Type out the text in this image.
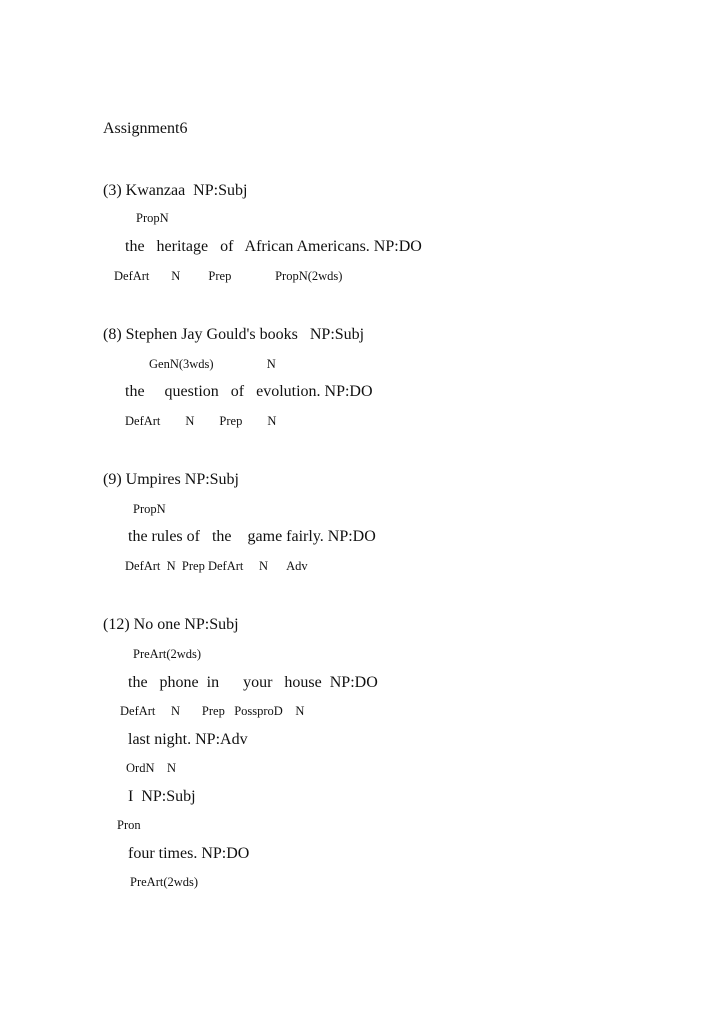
Assignment6
(3) Kwanzaa  NP:Subj
PropN
the   heritage   of   African Americans. NP:DO
DefArt       N         Prep              PropN(2wds)
(8) Stephen Jay Gould's books   NP:Subj
GenN(3wds)                 N
the     question   of   evolution. NP:DO
DefArt        N        Prep        N
(9) Umpires NP:Subj
PropN
the rules of   the    game fairly. NP:DO
DefArt  N  Prep DefArt     N      Adv
(12) No one NP:Subj
PreArt(2wds)
the   phone  in      your   house  NP:DO
DefArt     N       Prep   PossproD    N
last night. NP:Adv
OrdN    N
I  NP:Subj
Pron
four times. NP:DO
PreArt(2wds)
